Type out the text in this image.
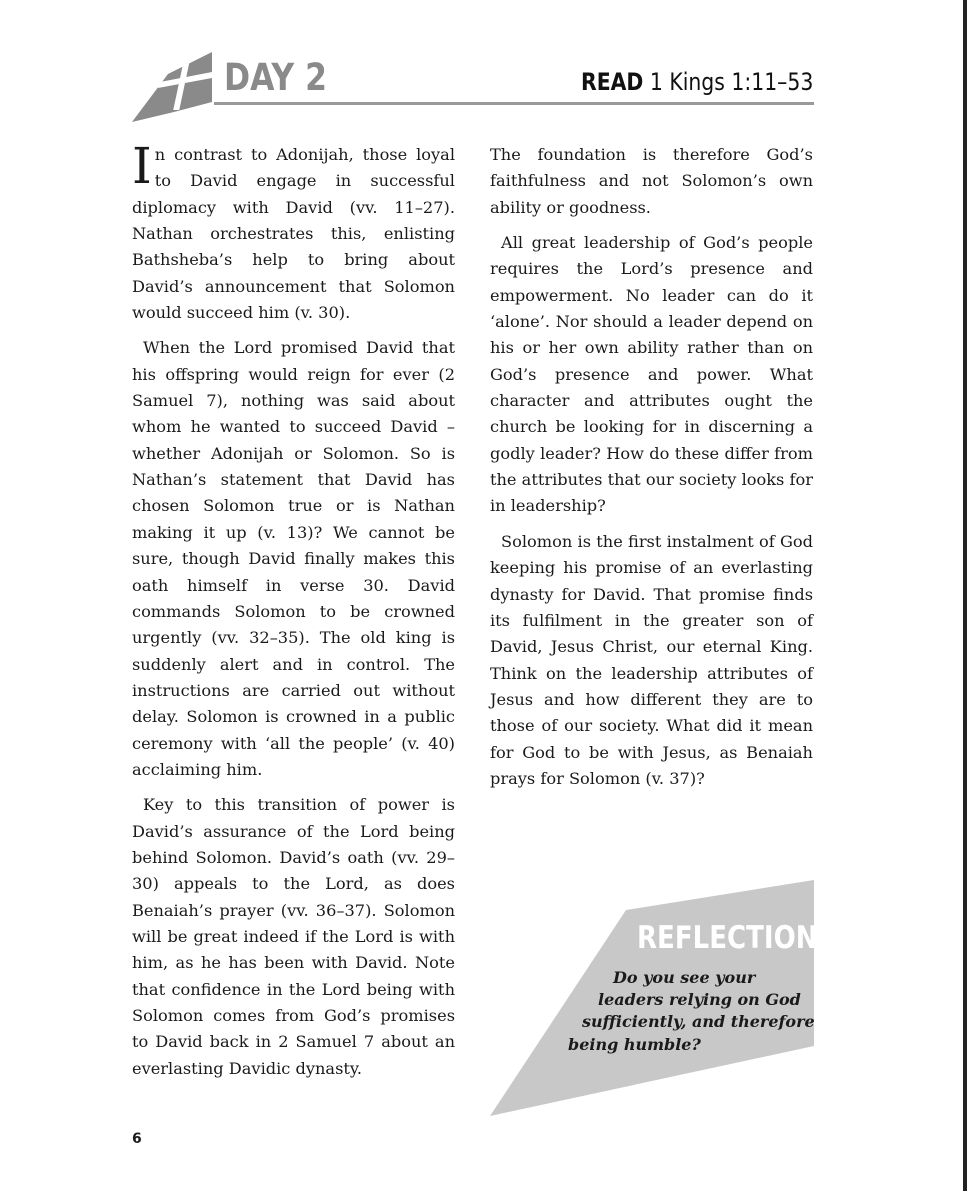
DAY 2	READ 1 Kings 1:11–53

In contrast to Adonijah, those loyal to David engage in successful diplomacy with David (vv. 11–27). Nathan orchestrates this, enlisting Bathsheba’s help to bring about David’s announcement that Solomon would succeed him (v. 30).

When the Lord promised David that his offspring would reign for ever (2 Samuel 7), nothing was said about whom he wanted to succeed David – whether Adonijah or Solomon. So is Nathan’s statement that David has chosen Solomon true or is Nathan making it up (v. 13)? We cannot be sure, though David finally makes this oath himself in verse 30. David commands Solomon to be crowned urgently (vv. 32–35). The old king is suddenly alert and in control. The instructions are carried out without delay. Solomon is crowned in a public ceremony with ‘all the people’ (v. 40) acclaiming him.

Key to this transition of power is David’s assurance of the Lord being behind Solomon. David’s oath (vv. 29–30) appeals to the Lord, as does Benaiah’s prayer (vv. 36–37). Solomon will be great indeed if the Lord is with him, as he has been with David. Note that confidence in the Lord being with Solomon comes from God’s promises to David back in 2 Samuel 7 about an everlasting Davidic dynasty.

The foundation is therefore God’s faithfulness and not Solomon’s own ability or goodness.

All great leadership of God’s people requires the Lord’s presence and empowerment. No leader can do it ‘alone’. Nor should a leader depend on his or her own ability rather than on God’s presence and power. What character and attributes ought the church be looking for in discerning a godly leader? How do these differ from the attributes that our society looks for in leadership?

Solomon is the first instalment of God keeping his promise of an everlasting dynasty for David. That promise finds its fulfilment in the greater son of David, Jesus Christ, our eternal King. Think on the leadership attributes of Jesus and how different they are to those of our society. What did it mean for God to be with Jesus, as Benaiah prays for Solomon (v. 37)?

REFLECTION
Do you see your
leaders relying on God
sufficiently, and therefore
being humble?
6
